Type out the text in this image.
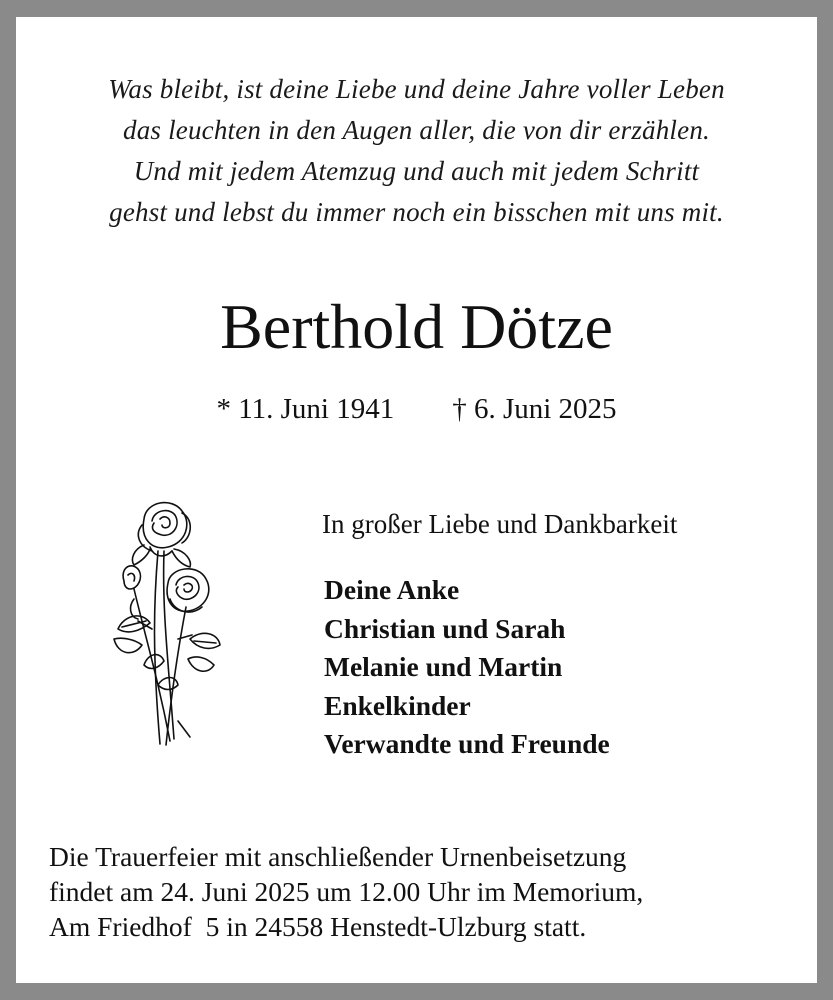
Was bleibt, ist deine Liebe und deine Jahre voller Leben
das leuchten in den Augen aller, die von dir erzählen.
Und mit jedem Atemzug und auch mit jedem Schritt
gehst und lebst du immer noch ein bisschen mit uns mit.
Berthold Dötze
* 11. Juni 1941 † 6. Juni 2025
In großer Liebe und Dankbarkeit
Deine Anke
Christian und Sarah
Melanie und Martin
Enkelkinder
Verwandte und Freunde
Die Trauerfeier mit anschließender Urnenbeisetzung
findet am 24. Juni 2025 um 12.00 Uhr im Memorium,
Am Friedhof  5 in 24558 Henstedt-Ulzburg statt.
